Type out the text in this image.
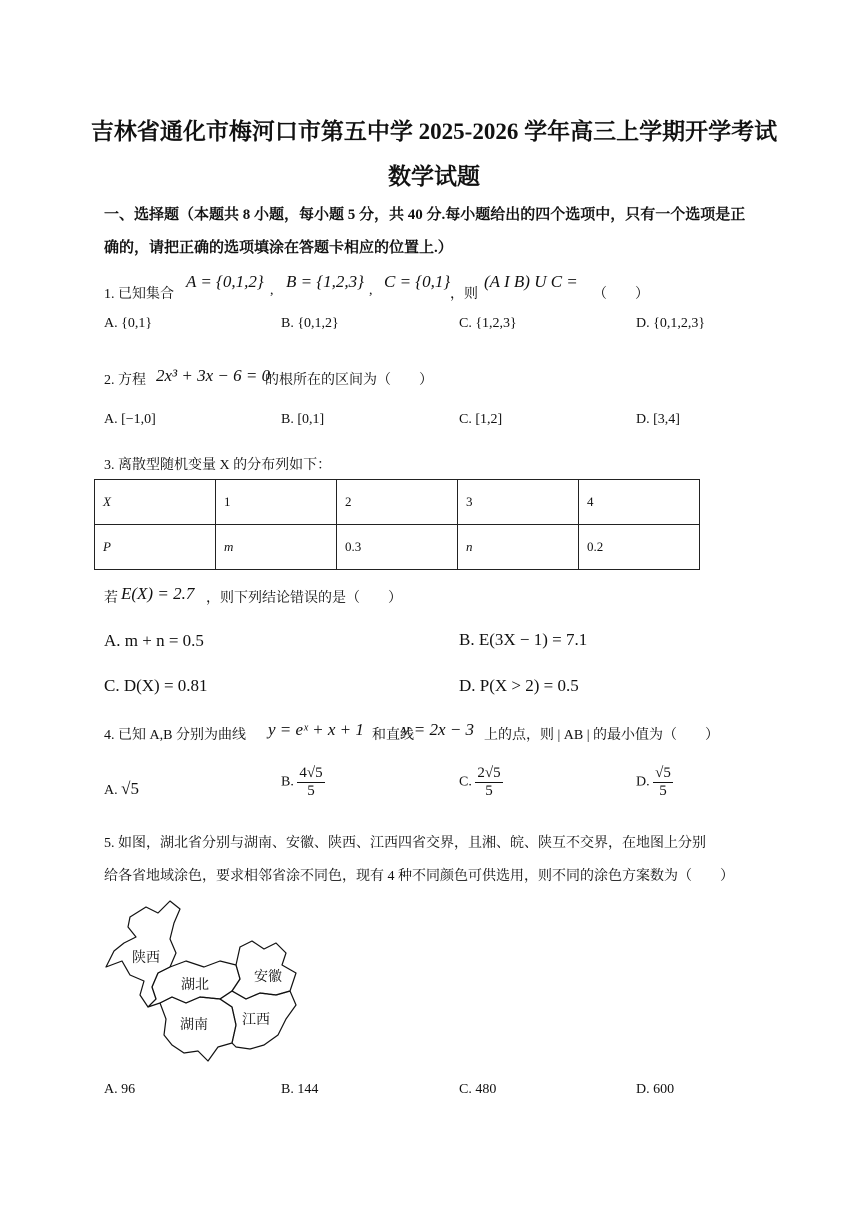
吉林省通化市梅河口市第五中学 2025-2026 学年高三上学期开学考试
数学试题
一、选择题（本题共 8 小题，每小题 5 分，共 40 分.每小题给出的四个选项中，只有一个选项是正
确的，请把正确的选项填涂在答题卡相应的位置上.）
1. 已知集合
A = {0,1,2} , B = {1,2,3} , C = {0,1}
，则
(A I B) U C =
（　　）
A. {0,1}	B. {0,1,2}	C. {1,2,3}	D. {0,1,2,3}
2. 方程 2x³ + 3x − 6 = 0
的根所在的区间为（　　）
A. [−1,0]	B. [0,1]	C. [1,2]	D. [3,4]
3. 离散型随机变量 X 的分布列如下：
X	1	2	3	4
P	m	0.3	n	0.2
若 E(X) = 2.7 ，则下列结论错误的是（　　）
A. m + n = 0.5	B. E(3X − 1) = 7.1
C. D(X) = 0.81	D. P(X > 2) = 0.5
4. 已知 A,B 分别为曲线 y = eˣ + x + 1 和直线
y = 2x − 3 上的点，则 | AB | 的最小值为（　　）
A. √5	B. $\frac{4√5}{5}$	C. $\frac{2√5}{5}$	D. $\frac{√5}{5}$
5. 如图，湖北省分别与湖南、安徽、陕西、江西四省交界，且湘、皖、陕互不交界，在地图上分别
给各省地域涂色，要求相邻省涂不同色，现有 4 种不同颜色可供选用，则不同的涂色方案数为（　　）
陕西
湖北	安徽
湖南 江西
A. 96	B. 144	C. 480	D. 600
